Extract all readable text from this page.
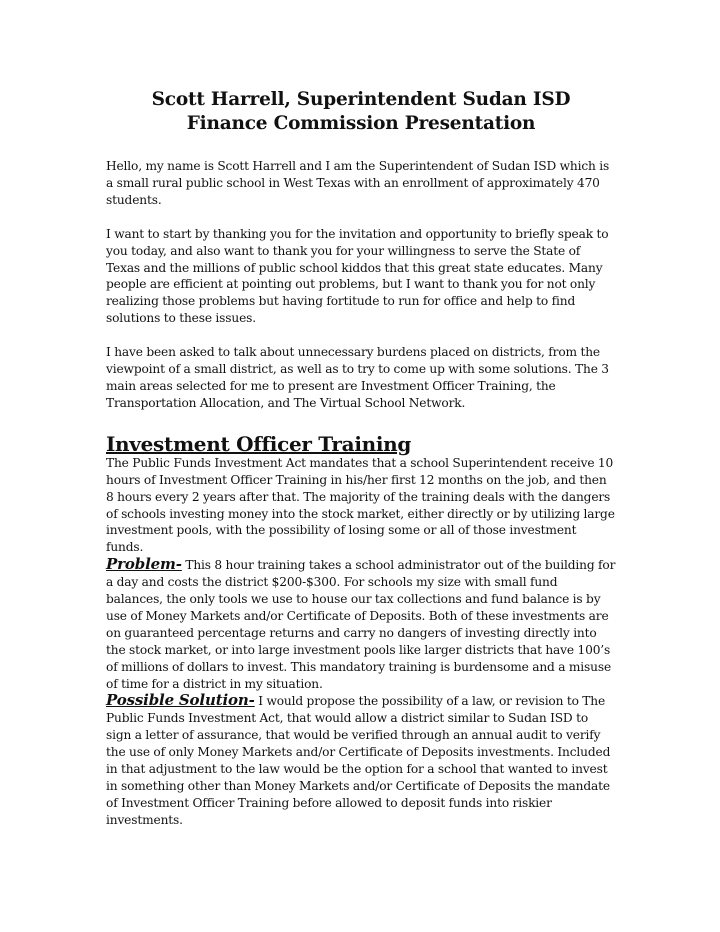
Scott Harrell, Superintendent Sudan ISD

Finance Commission Presentation

Hello, my name is Scott Harrell and I am the Superintendent of Sudan ISD which is a small rural public school in West Texas with an enrollment of approximately 470 students.

I want to start by thanking you for the invitation and opportunity to briefly speak to you today, and also want to thank you for your willingness to serve the State of Texas and the millions of public school kiddos that this great state educates. Many people are efficient at pointing out problems, but I want to thank you for not only realizing those problems but having fortitude to run for office and help to find solutions to these issues.

I have been asked to talk about unnecessary burdens placed on districts, from the viewpoint of a small district, as well as to try to come up with some solutions. The 3 main areas selected for me to present are Investment Officer Training, the Transportation Allocation, and The Virtual School Network.

Investment Officer Training

The Public Funds Investment Act mandates that a school Superintendent receive 10 hours of Investment Officer Training in his/her first 12 months on the job, and then 8 hours every 2 years after that. The majority of the training deals with the dangers of schools investing money into the stock market, either directly or by utilizing large investment pools, with the possibility of losing some or all of those investment funds.

Problem- This 8 hour training takes a school administrator out of the building for a day and costs the district $200-$300. For schools my size with small fund balances, the only tools we use to house our tax collections and fund balance is by use of Money Markets and/or Certificate of Deposits. Both of these investments are on guaranteed percentage returns and carry no dangers of investing directly into the stock market, or into large investment pools like larger districts that have 100’s of millions of dollars to invest. This mandatory training is burdensome and a misuse of time for a district in my situation.

Possible Solution- I would propose the possibility of a law, or revision to The Public Funds Investment Act, that would allow a district similar to Sudan ISD to sign a letter of assurance, that would be verified through an annual audit to verify the use of only Money Markets and/or Certificate of Deposits investments. Included in that adjustment to the law would be the option for a school that wanted to invest in something other than Money Markets and/or Certificate of Deposits the mandate of Investment Officer Training before allowed to deposit funds into riskier investments.
